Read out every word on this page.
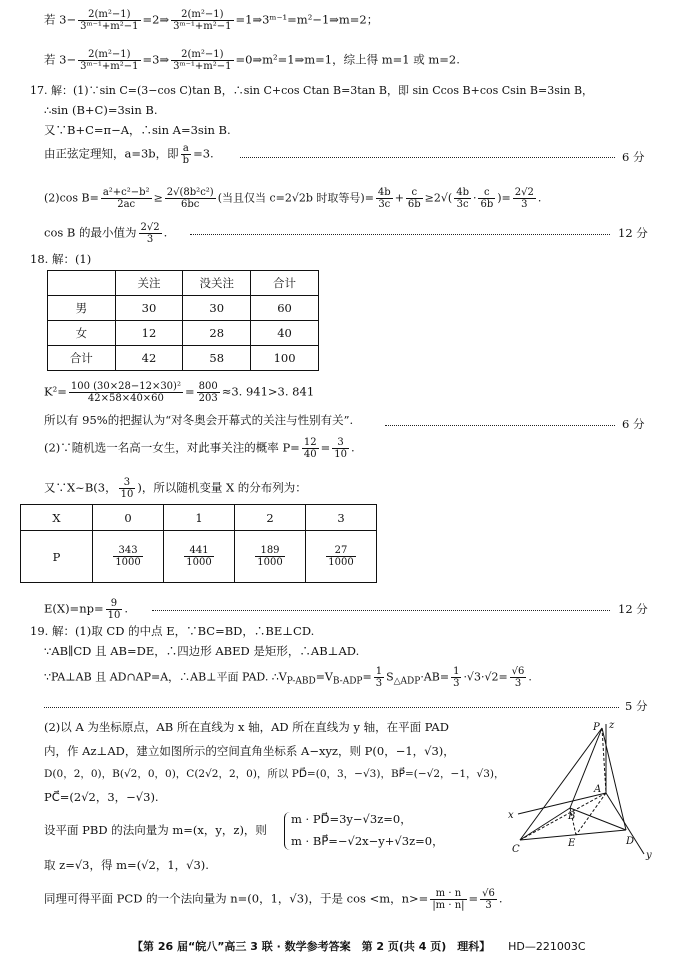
若 $3- \frac{\text{2(m²−1)}}{\text{3ᵐ⁻¹+m²−1}}$ =2⇒ $\frac{\text{2(m²−1)}}{\text{3ᵐ⁻¹+m²−1}}$ =1⇒3ᵐ⁻¹=m²−1⇒m=2；
若 $3- \frac{\text{2(m²−1)}}{\text{3ᵐ⁻¹+m²−1}}$ =3⇒ $\frac{\text{2(m²−1)}}{\text{3ᵐ⁻¹+m²−1}}$ =0⇒m²=1⇒m=1，综上得 m=1 或 m=2.
17. 解：(1)∵sin C=(3−cos C)tan B，∴sin C+cos Ctan B=3tan B，即 sin Ccos B+cos Csin B=3sin B，
∴sin (B+C)=3sin B.
又∵B+C=π−A，∴sin A=3sin B.
由正弦定理知，a=3b，即 $\frac{a}{b} =3$.	6 分
(2)cos $B= \frac{\text{a²+c²−b²}}{2ac} \ge \frac{\text{2√(8b²c²)}}{6bc}$ (当且仅当 c=2√2b 时取等号)= $\frac{4b}{3c} + \frac{c}{6b} \ge 2√( \frac{4b}{3c} \cdot \frac{c}{6b}$ )= $\frac{2√2}{3}$ .
cos B 的最小值为 $\frac{2√2}{3}$ .	12 分
18. 解：(1)
	关注	没关注	合计
男	30	30	60
女	12	28	40
合计	42	58	100
$K^2= \frac{\text{100 (30×28−12×30)²}}{42\times 58\times 40\times 60} = \frac{800}{203} \approx 3$. 941>3. 841
所以有 95%的把握认为“对冬奥会开幕式的关注与性别有关”.	6 分
(2)∵随机选一名高一女生，对此事关注的概率 $P= \frac{12}{40} = \frac{3}{10}$ .
又∵X~B(3， $\frac{3}{10}$ )，所以随机变量 X 的分布列为：
X	0	1	2	3
P	$\frac{343}{1000}$	$\frac{441}{1000}$	$\frac{189}{1000}$	$\frac{27}{1000}$
$E(X)=np= \frac{9}{10}$ .	12 分
19. 解：(1)取 CD 的中点 E，∵BC=BD，∴BE⊥CD.
∵AB∥CD 且 AB=DE，∴四边形 ABED 是矩形，∴AB⊥AD.
∵PA⊥AB 且 AD∩AP=A，∴AB⊥平面 PAD. $\therefore V_{P-ABD}=V_{B-ADP}= \frac{1}{3} S_{\triangle ADP}\cdot AB= \frac{1}{3} \cdot√3\cdot√2= \frac{√6}{3}$ .
5 分
(2)以 A 为坐标原点，AB 所在直线为 x 轴，AD 所在直线为 y 轴，在平面 PAD
内，作 Az⊥AD，建立如图所示的空间直角坐标系 A−xyz，则 P(0，−1，√3)，
D(0，2，0)，B(√2，0，0)，C(2√2，2，0)，所以 PD⃗=(0，3，−√3)，BP⃗=(−√2，−1，√3)，
PC⃗=(2√2，3，−√3).
设平面 PBD 的法向量为 m=(x，y，z)，则
m · PD⃗=3y−√3z=0，
m · BP⃗=−√2x−y+√3z=0，
取 z=√3，得 m=(√2，1，√3).
同理可得平面 PCD 的一个法向量为 n=(0，1，√3)，于是 cos <m，$n>= \frac{m \cdot n}{|m \cdot n|} = \frac{√6}{3}$ .
P z
A
B
x
C
E	D
y
【第 26 届“皖八”高三 3 联 · 数学参考答案　第 2 页(共 4 页)　理科】 HD—221003C
